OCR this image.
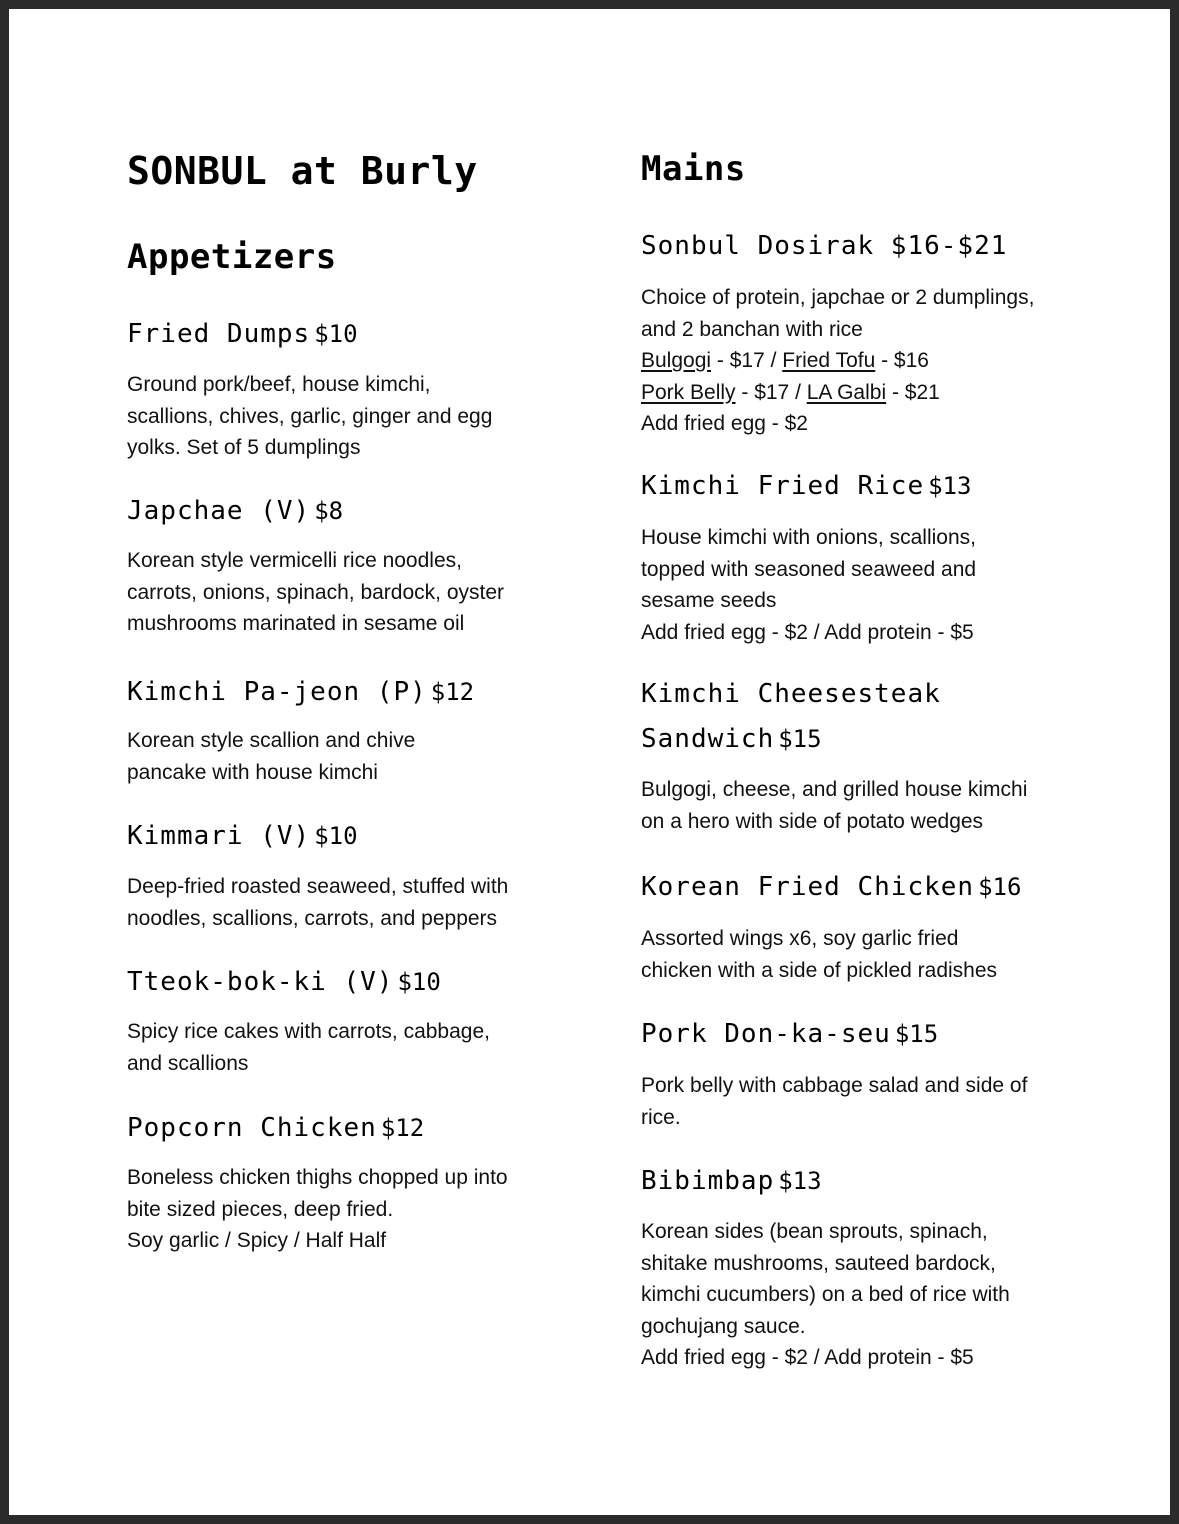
SONBUL at Burly
Appetizers
Fried Dumps $10
Ground pork/beef, house kimchi,
scallions, chives, garlic, ginger and egg
yolks. Set of 5 dumplings
Japchae (V) $8
Korean style vermicelli rice noodles,
carrots, onions, spinach, bardock, oyster
mushrooms marinated in sesame oil
Kimchi Pa-jeon (P) $12
Korean style scallion and chive
pancake with house kimchi
Kimmari (V) $10
Deep-fried roasted seaweed, stuffed with
noodles, scallions, carrots, and peppers
Tteok-bok-ki (V) $10
Spicy rice cakes with carrots, cabbage,
and scallions
Popcorn Chicken $12
Boneless chicken thighs chopped up into
bite sized pieces, deep fried.
Soy garlic / Spicy / Half Half
Mains
Sonbul Dosirak $16-$21
Choice of protein, japchae or 2 dumplings,
and 2 banchan with rice
Bulgogi - $17 / Fried Tofu - $16
Pork Belly - $17 / LA Galbi - $21
Add fried egg - $2
Kimchi Fried Rice $13
House kimchi with onions, scallions,
topped with seasoned seaweed and
sesame seeds
Add fried egg - $2 / Add protein - $5
Kimchi Cheesesteak
Sandwich $15
Bulgogi, cheese, and grilled house kimchi
on a hero with side of potato wedges
Korean Fried Chicken $16
Assorted wings x6, soy garlic fried
chicken with a side of pickled radishes
Pork Don-ka-seu $15
Pork belly with cabbage salad and side of
rice.
Bibimbap $13
Korean sides (bean sprouts, spinach,
shitake mushrooms, sauteed bardock,
kimchi cucumbers) on a bed of rice with
gochujang sauce.
Add fried egg - $2 / Add protein - $5
